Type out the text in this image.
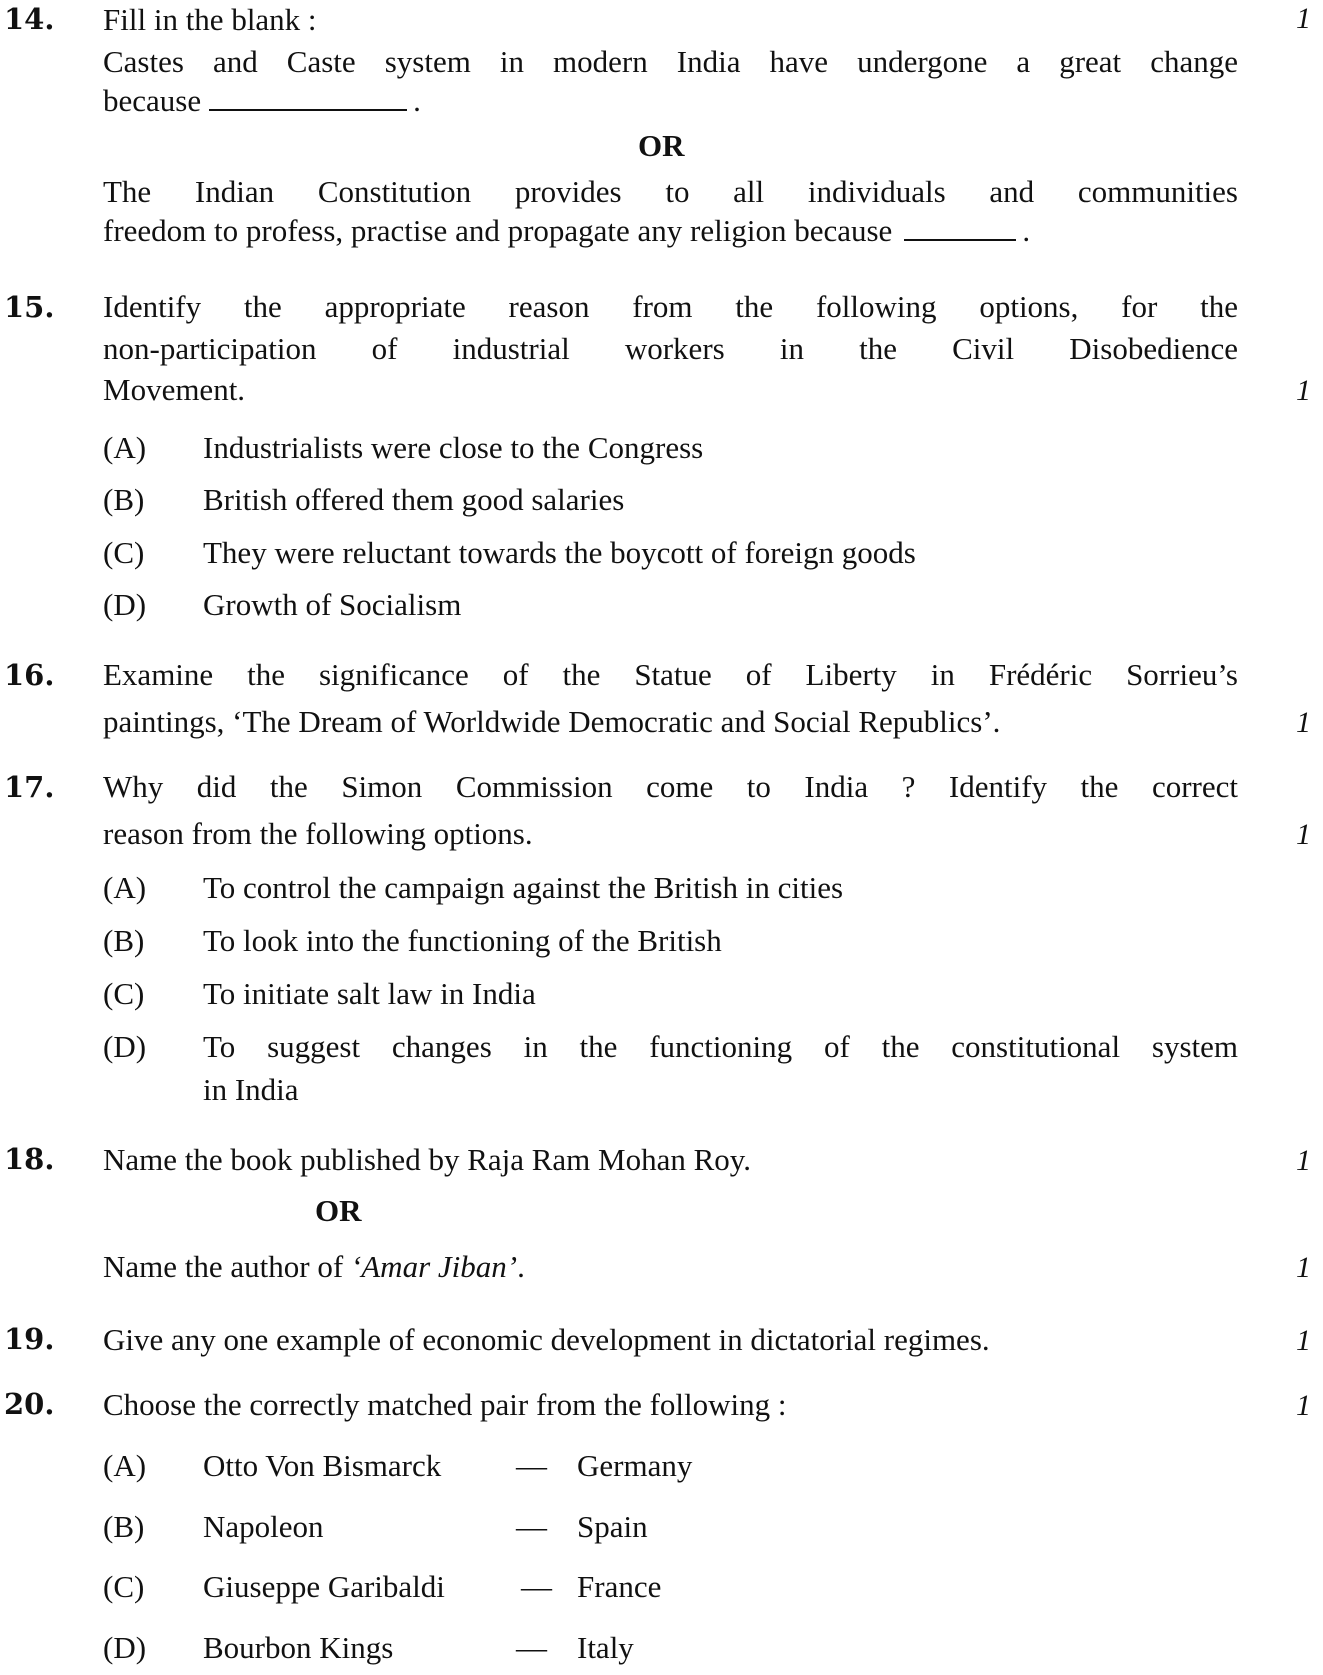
14.	1
Fill in the blank :
Castes and Caste system in modern India have undergone a great change
because	.
OR
The Indian Constitution provides to all individuals and communities
freedom to profess, practise and propagate any religion because	.
15. Identify the appropriate reason from the following options, for the
non-participation of industrial workers in the Civil Disobedience
Movement.	1
(A) Industrialists were close to the Congress
(B) British offered them good salaries
(C) They were reluctant towards the boycott of foreign goods
(D) Growth of Socialism
16. Examine the significance of the Statue of Liberty in Frédéric Sorrieu’s
paintings, ‘The Dream of Worldwide Democratic and Social Republics’.	1
17. Why did the Simon Commission come to India ? Identify the correct
reason from the following options.	1
(A) To control the campaign against the British in cities
(B) To look into the functioning of the British
(C) To initiate salt law in India
(D) To suggest changes in the functioning of the constitutional system
in India
18. Name the book published by Raja Ram Mohan Roy.	1
OR
Name the author of ‘Amar Jiban’.	1
19. Give any one example of economic development in dictatorial regimes.	1
20. Choose the correctly matched pair from the following :	1
(A) Otto Von Bismarck — Germany
(B) Napoleon	— Spain
(C) Giuseppe Garibaldi — France
(D) Bourbon Kings	— Italy
